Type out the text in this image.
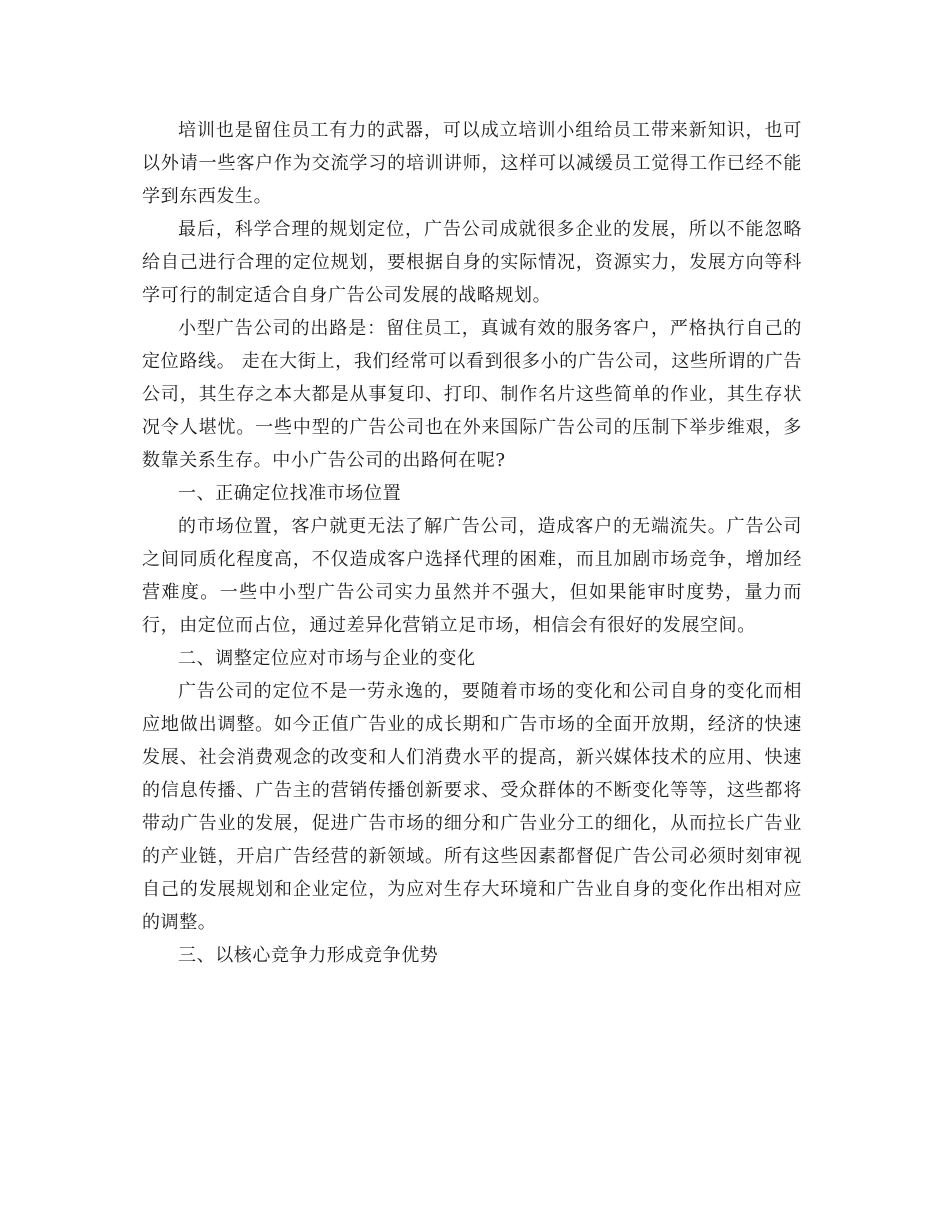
培训也是留住员工有力的武器，可以成立培训小组给员工带来新知识，也可以外请一些客户作为交流学习的培训讲师，这样可以减缓员工觉得工作已经不能学到东西发生。

最后，科学合理的规划定位，广告公司成就很多企业的发展，所以不能忽略给自己进行合理的定位规划，要根据自身的实际情况，资源实力，发展方向等科学可行的制定适合自身广告公司发展的战略规划。

小型广告公司的出路是：留住员工，真诚有效的服务客户，严格执行自己的定位路线。 走在大街上，我们经常可以看到很多小的广告公司，这些所谓的广告公司，其生存之本大都是从事复印、打印、制作名片这些简单的作业，其生存状况令人堪忧。一些中型的广告公司也在外来国际广告公司的压制下举步维艰，多数靠关系生存。中小广告公司的出路何在呢?

一、正确定位找准市场位置

的市场位置，客户就更无法了解广告公司，造成客户的无端流失。广告公司之间同质化程度高，不仅造成客户选择代理的困难，而且加剧市场竞争，增加经营难度。一些中小型广告公司实力虽然并不强大，但如果能审时度势，量力而行，由定位而占位，通过差异化营销立足市场，相信会有很好的发展空间。

二、调整定位应对市场与企业的变化

广告公司的定位不是一劳永逸的，要随着市场的变化和公司自身的变化而相应地做出调整。如今正值广告业的成长期和广告市场的全面开放期，经济的快速发展、社会消费观念的改变和人们消费水平的提高，新兴媒体技术的应用、快速的信息传播、广告主的营销传播创新要求、受众群体的不断变化等等，这些都将带动广告业的发展，促进广告市场的细分和广告业分工的细化，从而拉长广告业的产业链，开启广告经营的新领域。所有这些因素都督促广告公司必须时刻审视自己的发展规划和企业定位，为应对生存大环境和广告业自身的变化作出相对应的调整。

三、以核心竞争力形成竞争优势
